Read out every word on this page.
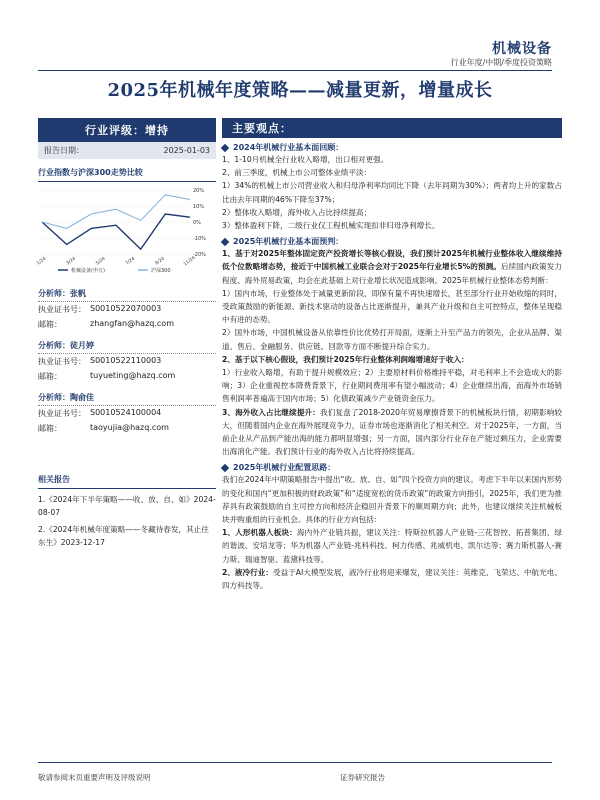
机械设备
行业年度/中期/季度投资策略
2025年机械年度策略——减量更新，增量成长
行业评级：增持
报告日期：	2025-01-03
行业指数与沪深300走势比较
20%
10%
0%
-10%
-20%
1/24	3/24	5/24	7/24	9/24	11/24
机械设备(申万)	沪深300
分析师：张帆
执业证书号： S0010522070003
邮箱：	zhangfan@hazq.com
分析师：徒月婷
执业证书号： S0010522110003
邮箱：	tuyueting@hazq.com
分析师：陶俞佳
执业证书号： S0010524100004
邮箱：	taoyujia@hazq.com
相关报告
1.《2024年下半年策略——收、放、自、如》2024-08-07
2.《2024年机械年度策略——冬藏待春发，其止往东生》2023-12-17
主要观点：
2024年机械行业基本面回顾：
1、1-10月机械全行业收入略增，出口相对更强。
2、前三季度，机械上市公司整体业绩平淡：
1）34%的机械上市公司营业收入和归母净利率均同比下降（去年同期为30%）；两者均上升的家数占比由去年同期的46%下降至37%；
2）整体收入略增，海外收入占比持续提高；
3）整体盈利下降，二级行业仅工程机械实现扣非归母净利增长。
2025年机械行业基本面预判：
1、基于对2025年整体固定资产投资增长等核心假设，我们预计2025年机械行业整体收入继续维持低个位数略增态势，接近于中国机械工业联合会对于2025年行业增长5%的预测。后续国内政策发力程度、海外贸易政策，均会在此基础上对行业增长状况造成影响。2025年机械行业整体态势判断：
1）国内市场，行业整体处于减量更新阶段，即保有量不再快速增长，甚至部分行业开始收缩的同时，受政策鼓励的新能源、新技术驱动的设备占比逐渐提升，兼具产业升级和自主可控特点，整体呈现稳中有进的态势。
2）国外市场，中国机械设备从依靠性价比优势打开局面，逐渐上升至产品力的领先，企业从品牌、渠道、售后、金融服务、供应链、回款等方面不断提升综合实力。
2、基于以下核心假设，我们预计2025年行业整体利润端增速好于收入：
1）行业收入略增，有助于提升规模效应；2）主要原材料价格维持平稳，对毛利率上不会造成大的影响；3）企业重视控本降费背景下，行业期间费用率有望小幅波动；4）企业继续出海，而海外市场销售利润率普遍高于国内市场；5）化债政策减少产业链资金压力。
3、海外收入占比继续提升：我们复盘了2018-2020年贸易摩擦背景下的机械板块行情，初期影响较大，但随着国内企业在海外展现竞争力，证券市场也逐渐消化了相关利空。对于2025年，一方面，当前企业从产品到产能出海的能力都明显增强；另一方面，国内部分行业存在产能过剩压力，企业需要出海消化产能。我们预计行业的海外收入占比将持续提高。
2025年机械行业配置思路：
我们在2024年中期策略报告中提出“收、放、自、如”四个投资方向的建议。考虑下半年以来国内形势的变化和国内“更加积极的财政政策”和“适度宽松的货币政策”的政策方向指引，2025年，我们更为推荐具有政策鼓励的自主可控方向和经济企稳回升背景下的顺周期方向；此外，也建议继续关注机械板块并购重组的行业机会。具体的行业方向包括：
1、人形机器人板块：海内外产业链共振，建议关注：特斯拉机器人产业链-三花智控、拓普集团、绿的谐波、安培龙等；华为机器人产业链-兆科科技、柯力传感、兆威机电、凯尔达等；赛力斯机器人-赛力斯、瑞迪智驱、蓝黛科技等。
2、液冷行业：受益于AI大模型发展，液冷行业将迎来爆发，建议关注：英维克、飞荣达、中航光电、四方科技等。
敬请参阅末页重要声明及评级说明	证券研究报告
